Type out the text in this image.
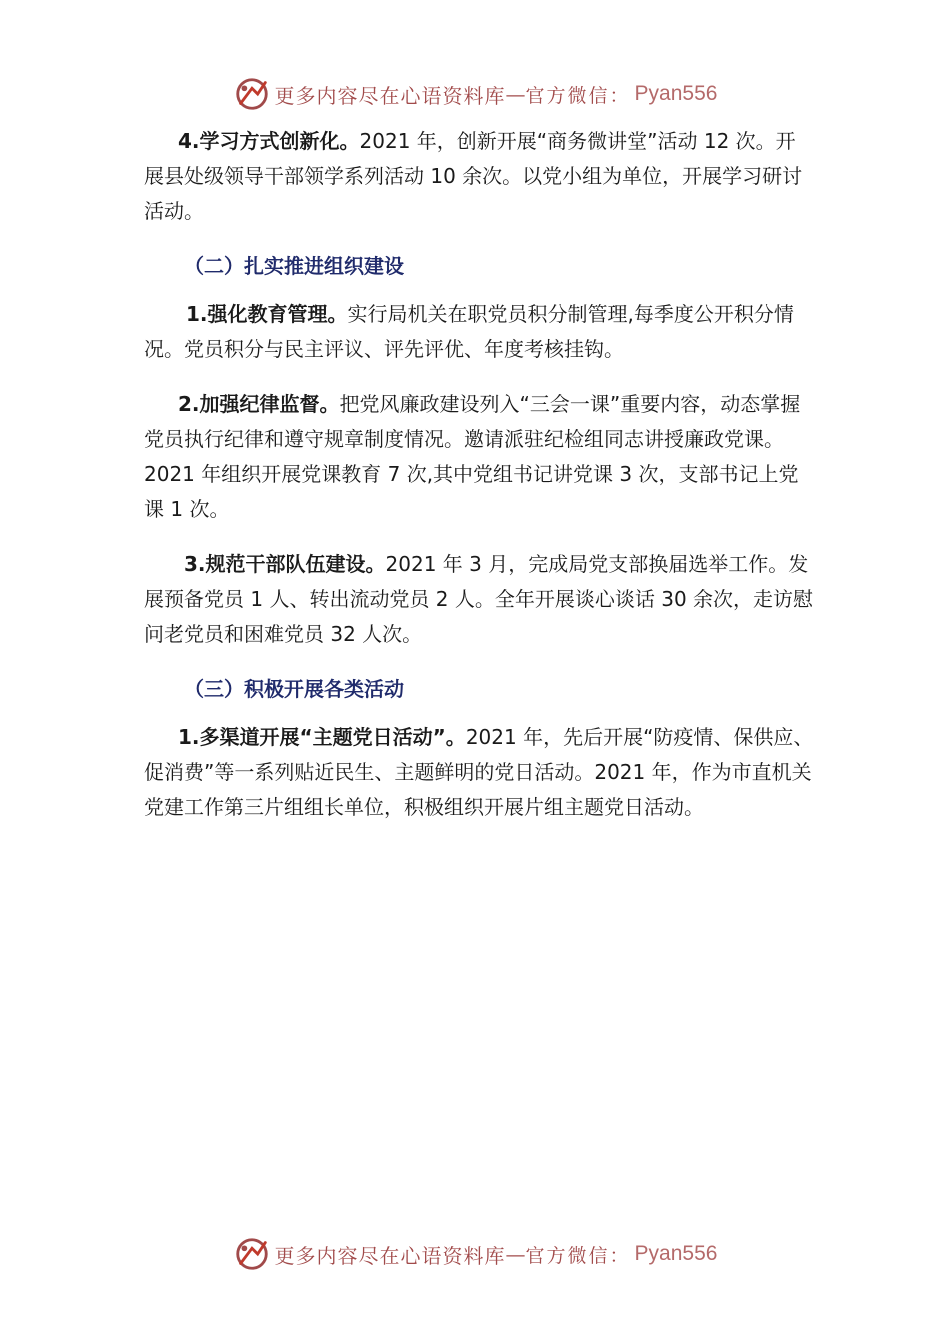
更多内容尽在心语资料库 — 官方微信： Pyan556

4.学习方式创新化。2021 年，创新开展“商务微讲堂”活动 12 次。开展县处级领导干部领学系列活动 10 余次。以党小组为单位，开展学习研讨活动。

（二）扎实推进组织建设

1.强化教育管理。实行局机关在职党员积分制管理,每季度公开积分情况。党员积分与民主评议、评先评优、年度考核挂钩。

2.加强纪律监督。把党风廉政建设列入“三会一课”重要内容，动态掌握党员执行纪律和遵守规章制度情况。邀请派驻纪检组同志讲授廉政党课。2021 年组织开展党课教育 7 次,其中党组书记讲党课 3 次，支部书记上党课 1 次。

3.规范干部队伍建设。2021 年 3 月，完成局党支部换届选举工作。发展预备党员 1 人、转出流动党员 2 人。全年开展谈心谈话 30 余次，走访慰问老党员和困难党员 32 人次。

（三）积极开展各类活动

1.多渠道开展“主题党日活动”。2021 年，先后开展“防疫情、保供应、促消费”等一系列贴近民生、主题鲜明的党日活动。2021 年，作为市直机关党建工作第三片组组长单位，积极组织开展片组主题党日活动。

更多内容尽在心语资料库 — 官方微信： Pyan556
